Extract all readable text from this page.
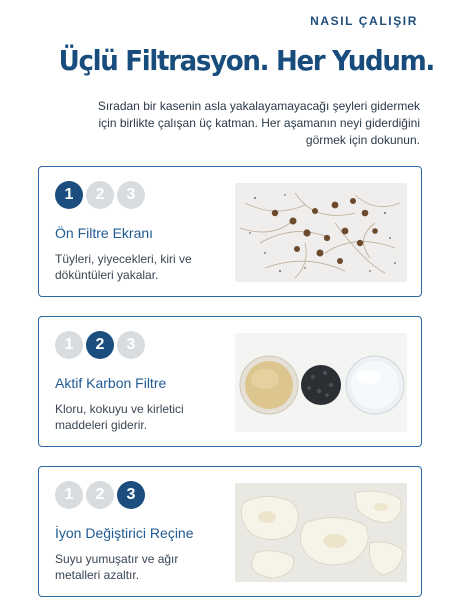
NASIL ÇALIŞIR
Üçlü Filtrasyon. Her Yudum.
Sıradan bir kasenin asla yakalayamayacağı şeyleri gidermek
için birlikte çalışan üç katman. Her aşamanın neyi giderdiğini
görmek için dokunun.
1	2	3
Ön Filtre Ekranı
Tüyleri, yiyecekleri, kiri ve
döküntüleri yakalar.
1	2	3
Aktif Karbon Filtre
Kloru, kokuyu ve kirletici
maddeleri giderir.
1	2	3
İyon Değiştirici Reçine
Suyu yumuşatır ve ağır
metalleri azaltır.
